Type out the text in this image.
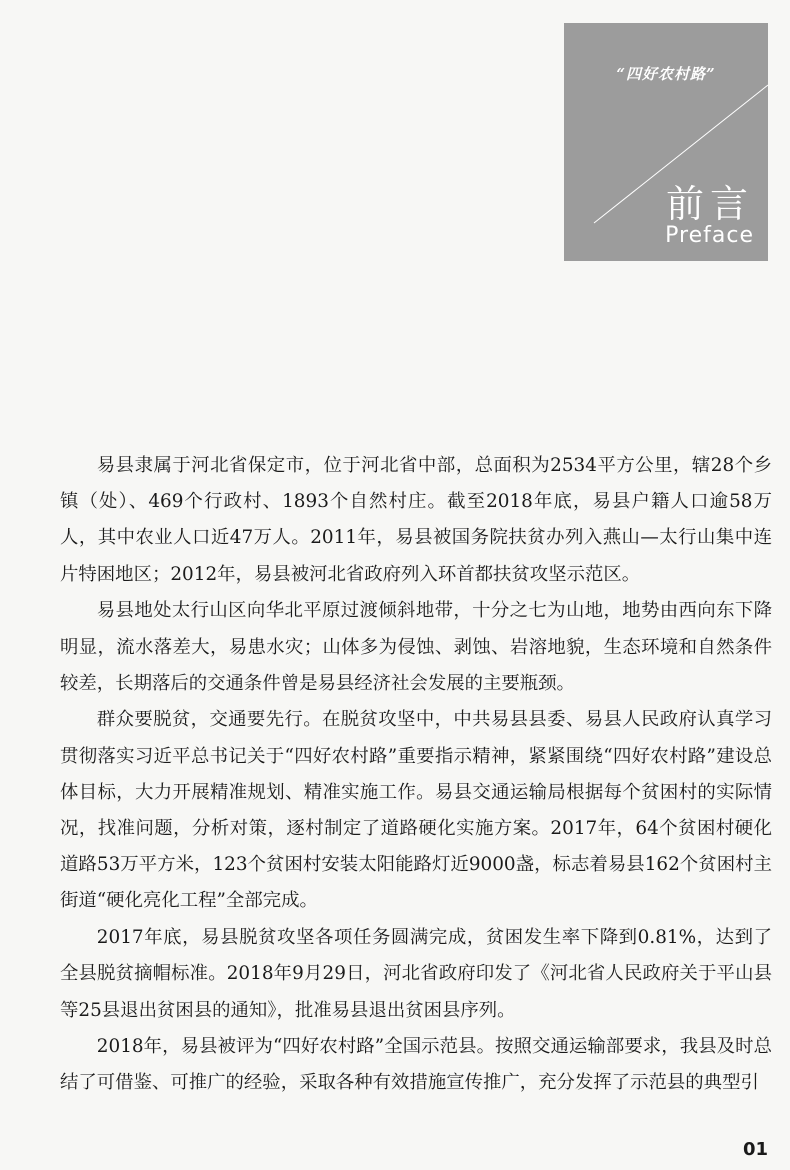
“四好农村路”
前言
Preface

易县隶属于河北省保定市，位于河北省中部，总面积为2534平方公里，辖28个乡镇（处）、469个行政村、1893个自然村庄。截至2018年底，易县户籍人口逾58万人，其中农业人口近47万人。2011年，易县被国务院扶贫办列入燕山—太行山集中连片特困地区；2012年，易县被河北省政府列入环首都扶贫攻坚示范区。

易县地处太行山区向华北平原过渡倾斜地带，十分之七为山地，地势由西向东下降明显，流水落差大，易患水灾；山体多为侵蚀、剥蚀、岩溶地貌，生态环境和自然条件较差，长期落后的交通条件曾是易县经济社会发展的主要瓶颈。

群众要脱贫，交通要先行。在脱贫攻坚中，中共易县县委、易县人民政府认真学习贯彻落实习近平总书记关于“四好农村路”重要指示精神，紧紧围绕“四好农村路”建设总体目标，大力开展精准规划、精准实施工作。易县交通运输局根据每个贫困村的实际情况，找准问题，分析对策，逐村制定了道路硬化实施方案。2017年，64个贫困村硬化道路53万平方米，123个贫困村安装太阳能路灯近9000盏，标志着易县162个贫困村主街道“硬化亮化工程”全部完成。

2017年底，易县脱贫攻坚各项任务圆满完成，贫困发生率下降到0.81%，达到了全县脱贫摘帽标准。2018年9月29日，河北省政府印发了《河北省人民政府关于平山县等25县退出贫困县的通知》，批准易县退出贫困县序列。

2018年，易县被评为“四好农村路”全国示范县。按照交通运输部要求，我县及时总结了可借鉴、可推广的经验，采取各种有效措施宣传推广，充分发挥了示范县的典型引

01
